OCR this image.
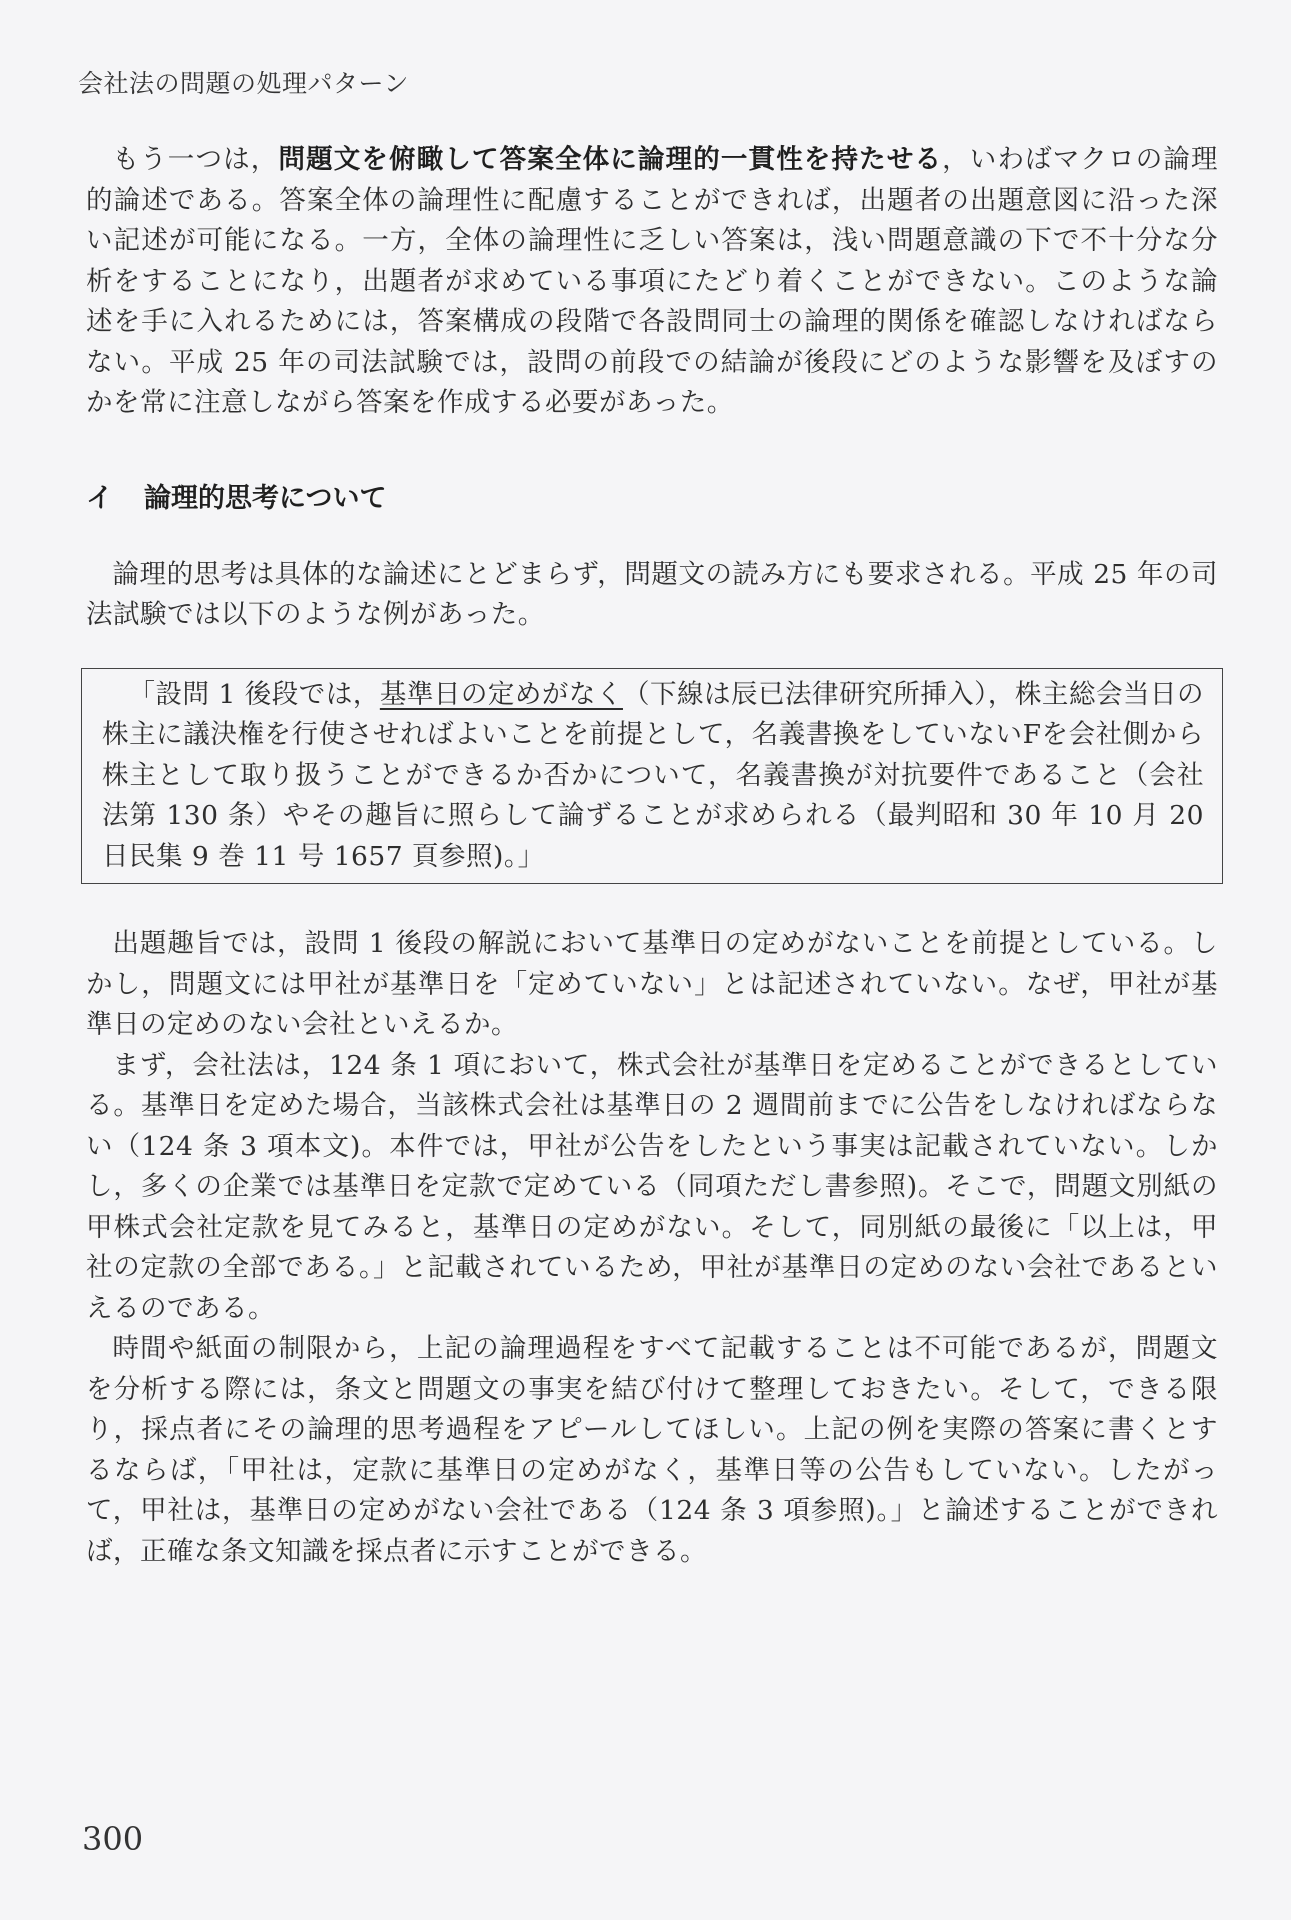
会社法の問題の処理パターン

もう一つは，問題文を俯瞰して答案全体に論理的一貫性を持たせる，いわばマクロの論理的論述である。答案全体の論理性に配慮することができれば，出題者の出題意図に沿った深い記述が可能になる。一方，全体の論理性に乏しい答案は，浅い問題意識の下で不十分な分析をすることになり，出題者が求めている事項にたどり着くことができない。このような論述を手に入れるためには，答案構成の段階で各設問同士の論理的関係を確認しなければならない。平成 25 年の司法試験では，設問の前段での結論が後段にどのような影響を及ぼすのかを常に注意しながら答案を作成する必要があった。

イ 論理的思考について

論理的思考は具体的な論述にとどまらず，問題文の読み方にも要求される。平成 25 年の司法試験では以下のような例があった。

「設問 1 後段では，基準日の定めがなく（下線は辰已法律研究所挿入），株主総会当日の株主に議決権を行使させればよいことを前提として，名義書換をしていないFを会社側から株主として取り扱うことができるか否かについて，名義書換が対抗要件であること（会社法第 130 条）やその趣旨に照らして論ずることが求められる（最判昭和 30 年 10 月 20 日民集 9 巻 11 号 1657 頁参照)。」

出題趣旨では，設問 1 後段の解説において基準日の定めがないことを前提としている。しかし，問題文には甲社が基準日を「定めていない」とは記述されていない。なぜ，甲社が基準日の定めのない会社といえるか。

まず，会社法は，124 条 1 項において，株式会社が基準日を定めることができるとしている。基準日を定めた場合，当該株式会社は基準日の 2 週間前までに公告をしなければならない（124 条 3 項本文)。本件では，甲社が公告をしたという事実は記載されていない。しかし，多くの企業では基準日を定款で定めている（同項ただし書参照)。そこで，問題文別紙の甲株式会社定款を見てみると，基準日の定めがない。そして，同別紙の最後に「以上は，甲社の定款の全部である。」と記載されているため，甲社が基準日の定めのない会社であるといえるのである。

時間や紙面の制限から，上記の論理過程をすべて記載することは不可能であるが，問題文を分析する際には，条文と問題文の事実を結び付けて整理しておきたい。そして，できる限り，採点者にその論理的思考過程をアピールしてほしい。上記の例を実際の答案に書くとするならば，「甲社は，定款に基準日の定めがなく，基準日等の公告もしていない。したがって，甲社は，基準日の定めがない会社である（124 条 3 項参照)。」と論述することができれば，正確な条文知識を採点者に示すことができる。

300
